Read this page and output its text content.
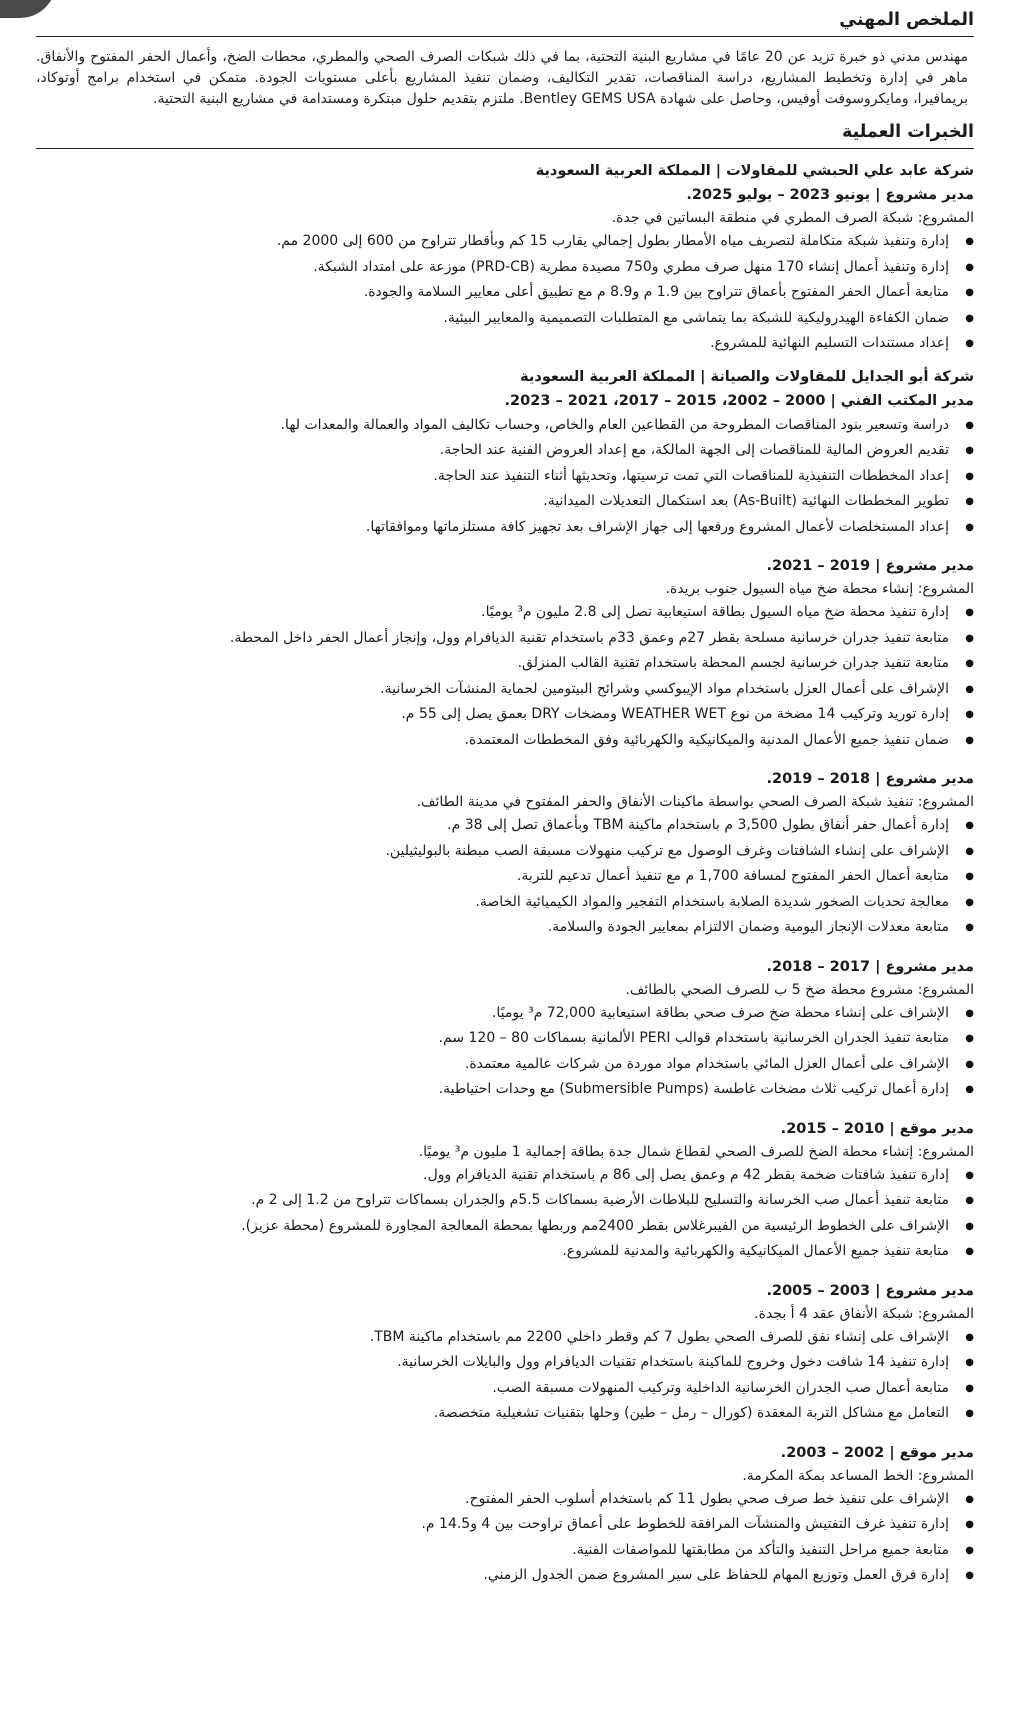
الملخص المهني

مهندس مدني ذو خبرة تزيد عن 20 عامًا في مشاريع البنية التحتية، بما في ذلك شبكات الصرف الصحي والمطري، محطات الضخ، وأعمال الحفر المفتوح والأنفاق. ماهر في إدارة وتخطيط المشاريع، دراسة المناقصات، تقدير التكاليف، وضمان تنفيذ المشاريع بأعلى مستويات الجودة. متمكن في استخدام برامج أوتوكاد، بريمافيرا، ومايكروسوفت أوفيس، وحاصل على شهادة Bentley GEMS USA. ملتزم بتقديم حلول مبتكرة ومستدامة في مشاريع البنية التحتية.

الخبرات العملية
شركة عابد علي الحبشي للمقاولات | المملكة العربية السعودية
مدير مشروع | يونيو 2023 – يوليو 2025.
المشروع: شبكة الصرف المطري في منطقة البساتين في جدة.
● إدارة وتنفيذ شبكة متكاملة لتصريف مياه الأمطار بطول إجمالي يقارب 15 كم وبأقطار تتراوح من 600 إلى 2000 مم.
● إدارة وتنفيذ أعمال إنشاء 170 منهل صرف مطري و750 مصيدة مطرية (PRD-CB) موزعة على امتداد الشبكة.
● متابعة أعمال الحفر المفتوح بأعماق تتراوح بين 1.9 م و8.9 م مع تطبيق أعلى معايير السلامة والجودة.
● ضمان الكفاءة الهيدروليكية للشبكة بما يتماشى مع المتطلبات التصميمية والمعايير البيئية.
● إعداد مستندات التسليم النهائية للمشروع.
شركة أبو الجدايل للمقاولات والصيانة | المملكة العربية السعودية
مدير المكتب الفني | 2000 – 2002، 2015 – 2017، 2021 – 2023.
● دراسة وتسعير بنود المناقصات المطروحة من القطاعين العام والخاص، وحساب تكاليف المواد والعمالة والمعدات لها.
● تقديم العروض المالية للمناقصات إلى الجهة المالكة، مع إعداد العروض الفنية عند الحاجة.
● إعداد المخططات التنفيذية للمناقصات التي تمت ترسيتها، وتحديثها أثناء التنفيذ عند الحاجة.
● تطوير المخططات النهائية (As-Built) بعد استكمال التعديلات الميدانية.
● إعداد المستخلصات لأعمال المشروع ورفعها إلى جهاز الإشراف بعد تجهيز كافة مستلزماتها وموافقاتها.
مدير مشروع | 2019 – 2021.
المشروع: إنشاء محطة ضخ مياه السيول جنوب بريدة.
● إدارة تنفيذ محطة ضخ مياه السيول بطاقة استيعابية تصل إلى 2.8 مليون م³ يوميًا.
● متابعة تنفيذ جدران خرسانية مسلحة بقطر 27م وعمق 33م باستخدام تقنية الديافرام وول، وإنجاز أعمال الحفر داخل المحطة.
● متابعة تنفيذ جدران خرسانية لجسم المحطة باستخدام تقنية القالب المنزلق.
● الإشراف على أعمال العزل باستخدام مواد الإيبوكسي وشرائح البيتومين لحماية المنشآت الخرسانية.
● إدارة توريد وتركيب 14 مضخة من نوع WEATHER WET ومضخات DRY بعمق يصل إلى 55 م.
● ضمان تنفيذ جميع الأعمال المدنية والميكانيكية والكهربائية وفق المخططات المعتمدة.
مدير مشروع | 2018 – 2019.
المشروع: تنفيذ شبكة الصرف الصحي بواسطة ماكينات الأنفاق والحفر المفتوح في مدينة الطائف.
● إدارة أعمال حفر أنفاق بطول 3,500 م باستخدام ماكينة TBM وبأعماق تصل إلى 38 م.
● الإشراف على إنشاء الشافتات وغرف الوصول مع تركيب منهولات مسبقة الصب مبطنة بالبوليثيلين.
● متابعة أعمال الحفر المفتوح لمسافة 1,700 م مع تنفيذ أعمال تدعيم للتربة.
● معالجة تحديات الصخور شديدة الصلابة باستخدام التفجير والمواد الكيميائية الخاصة.
● متابعة معدلات الإنجاز اليومية وضمان الالتزام بمعايير الجودة والسلامة.
مدير مشروع | 2017 – 2018.
المشروع: مشروع محطة ضخ 5 ب للصرف الصحي بالطائف.
● الإشراف على إنشاء محطة ضخ صرف صحي بطاقة استيعابية 72,000 م³ يوميًا.
● متابعة تنفيذ الجدران الخرسانية باستخدام قوالب PERI الألمانية بسماكات 80 – 120 سم.
● الإشراف على أعمال العزل المائي باستخدام مواد موردة من شركات عالمية معتمدة.
● إدارة أعمال تركيب ثلاث مضخات غاطسة (Submersible Pumps) مع وحدات احتياطية.
مدير موقع | 2010 – 2015.
المشروع: إنشاء محطة الضخ للصرف الصحي لقطاع شمال جدة بطاقة إجمالية 1 مليون م³ يوميًا.
● إدارة تنفيذ شافتات ضخمة بقطر 42 م وعمق يصل إلى 86 م باستخدام تقنية الديافرام وول.
● متابعة تنفيذ أعمال صب الخرسانة والتسليح للبلاطات الأرضية بسماكات 5.5م والجدران بسماكات تتراوح من 1.2 إلى 2 م.
● الإشراف على الخطوط الرئيسية من الفيبرغلاس بقطر 2400مم وربطها بمحطة المعالجة المجاورة للمشروع (محطة عزيز).
● متابعة تنفيذ جميع الأعمال الميكانيكية والكهربائية والمدنية للمشروع.
مدير مشروع | 2003 – 2005.
المشروع: شبكة الأنفاق عقد 4 أ بجدة.
● الإشراف على إنشاء نفق للصرف الصحي بطول 7 كم وقطر داخلي 2200 مم باستخدام ماكينة TBM.
● إدارة تنفيذ 14 شافت دخول وخروج للماكينة باستخدام تقنيات الديافرام وول والبايلات الخرسانية.
● متابعة أعمال صب الجدران الخرسانية الداخلية وتركيب المنهولات مسبقة الصب.
● التعامل مع مشاكل التربة المعقدة (كورال – رمل – طين) وحلها بتقنيات تشغيلية متخصصة.
مدير موقع | 2002 – 2003.
المشروع: الخط المساعد بمكة المكرمة.
● الإشراف على تنفيذ خط صرف صحي بطول 11 كم باستخدام أسلوب الحفر المفتوح.
● إدارة تنفيذ غرف التفتيش والمنشآت المرافقة للخطوط على أعماق تراوحت بين 4 و14.5 م.
● متابعة جميع مراحل التنفيذ والتأكد من مطابقتها للمواصفات الفنية.
● إدارة فرق العمل وتوزيع المهام للحفاظ على سير المشروع ضمن الجدول الزمني.
